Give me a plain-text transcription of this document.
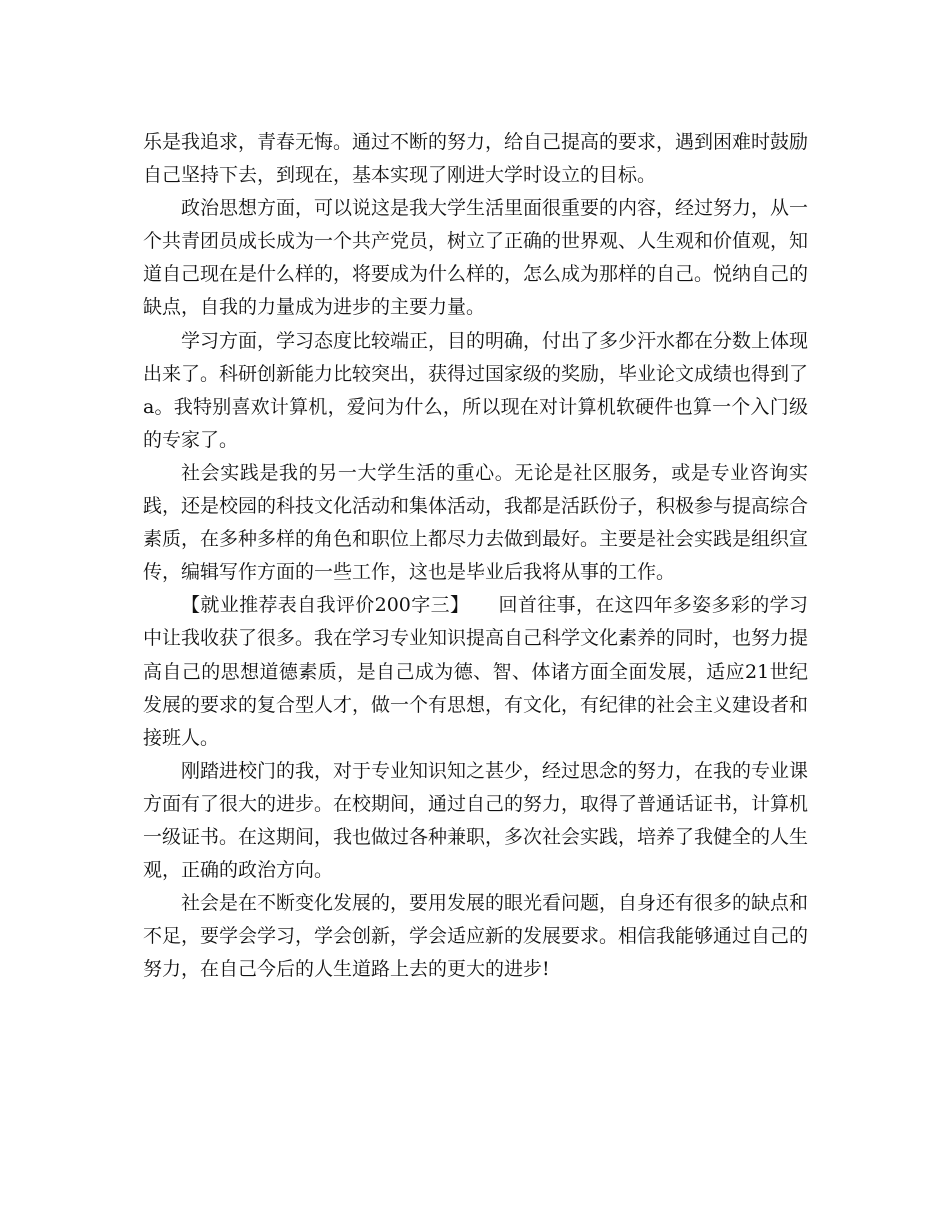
乐是我追求，青春无悔。通过不断的努力，给自己提高的要求，遇到困难时鼓励自己坚持下去，到现在，基本实现了刚进大学时设立的目标。

政治思想方面，可以说这是我大学生活里面很重要的内容，经过努力，从一个共青团员成长成为一个共产党员，树立了正确的世界观、人生观和价值观，知道自己现在是什么样的，将要成为什么样的，怎么成为那样的自己。悦纳自己的缺点，自我的力量成为进步的主要力量。

学习方面，学习态度比较端正，目的明确，付出了多少汗水都在分数上体现出来了。科研创新能力比较突出，获得过国家级的奖励，毕业论文成绩也得到了a。我特别喜欢计算机，爱问为什么，所以现在对计算机软硬件也算一个入门级的专家了。

社会实践是我的另一大学生活的重心。无论是社区服务，或是专业咨询实践，还是校园的科技文化活动和集体活动，我都是活跃份子，积极参与提高综合素质，在多种多样的角色和职位上都尽力去做到最好。主要是社会实践是组织宣传，编辑写作方面的一些工作，这也是毕业后我将从事的工作。

【就业推荐表自我评价200字三】　　回首往事，在这四年多姿多彩的学习中让我收获了很多。我在学习专业知识提高自己科学文化素养的同时，也努力提高自己的思想道德素质，是自己成为德、智、体诸方面全面发展，适应21世纪发展的要求的复合型人才，做一个有思想，有文化，有纪律的社会主义建设者和接班人。

刚踏进校门的我，对于专业知识知之甚少，经过思念的努力，在我的专业课方面有了很大的进步。在校期间，通过自己的努力，取得了普通话证书，计算机一级证书。在这期间，我也做过各种兼职，多次社会实践，培养了我健全的人生观，正确的政治方向。

社会是在不断变化发展的，要用发展的眼光看问题，自身还有很多的缺点和不足，要学会学习，学会创新，学会适应新的发展要求。相信我能够通过自己的努力，在自己今后的人生道路上去的更大的进步!
